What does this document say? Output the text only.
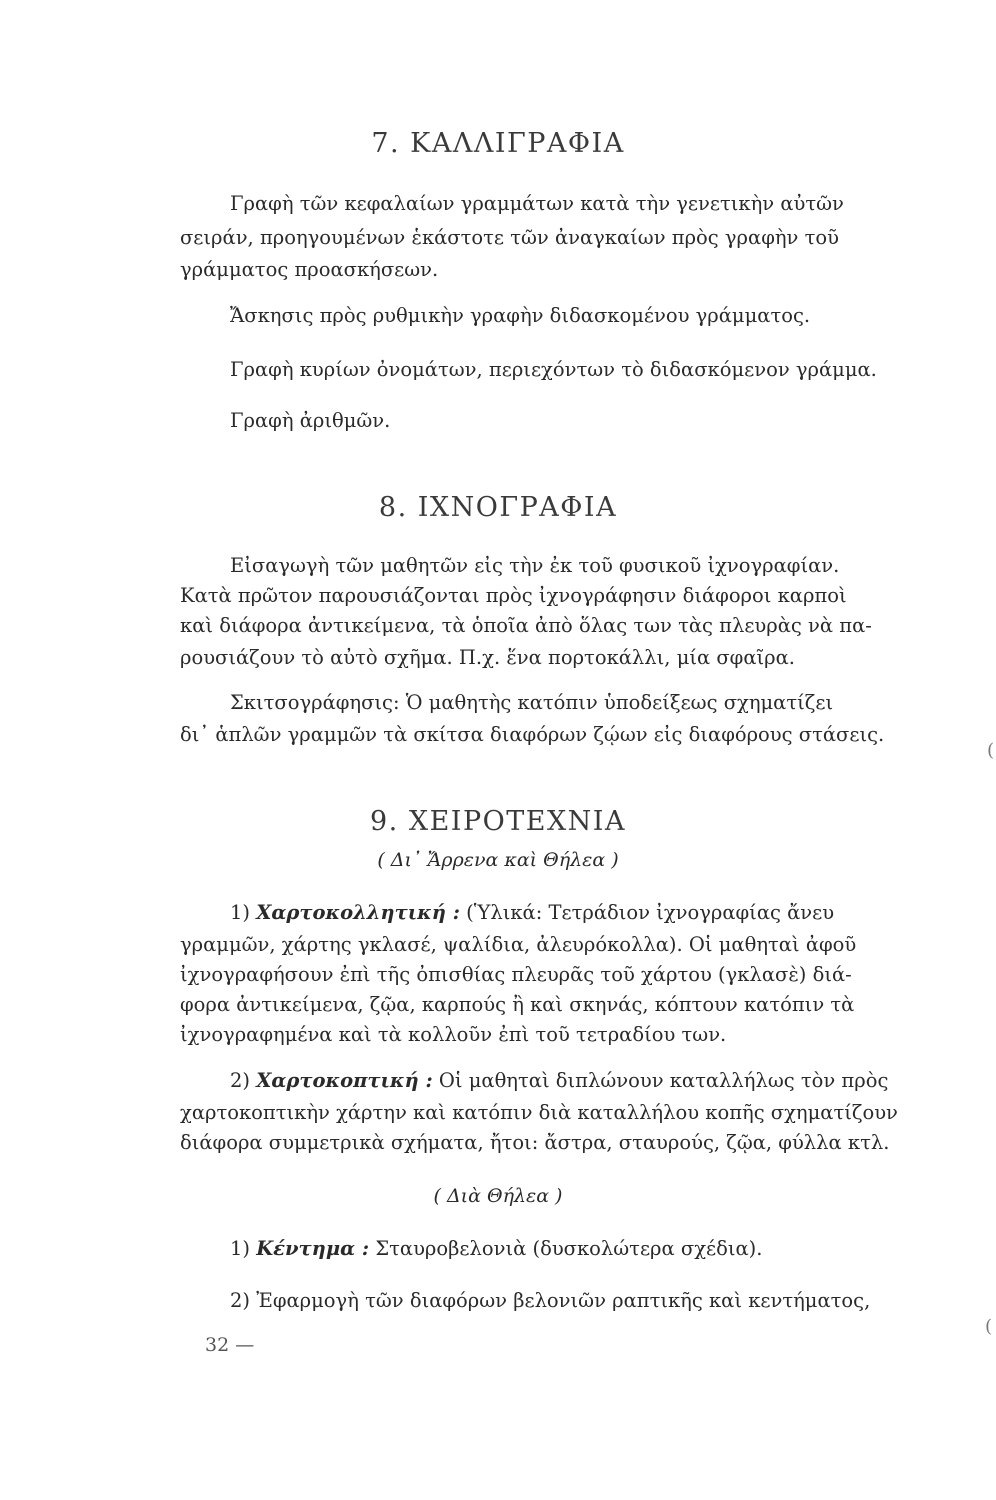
7. ΚΑΛΛΙΓΡΑΦΙΑ
Γραφὴ τῶν κεφαλαίων γραμμάτων κατὰ τὴν γενετικὴν αὐτῶν
σειράν, προηγουμένων ἑκάστοτε τῶν ἀναγκαίων πρὸς γραφὴν τοῦ
γράμματος προασκήσεων.
Ἄσκησις πρὸς ρυθμικὴν γραφὴν διδασκομένου γράμματος.
Γραφὴ κυρίων ὀνομάτων, περιεχόντων τὸ διδασκόμενον γράμμα.
Γραφὴ ἀριθμῶν.
8. ΙΧΝΟΓΡΑΦΙΑ
Εἰσαγωγὴ τῶν μαθητῶν εἰς τὴν ἐκ τοῦ φυσικοῦ ἰχνογραφίαν.
Κατὰ πρῶτον παρουσιάζονται πρὸς ἰχνογράφησιν διάφοροι καρποὶ
καὶ διάφορα ἀντικείμενα, τὰ ὁποῖα ἀπὸ ὅλας των τὰς πλευρὰς νὰ πα-
ρουσιάζουν τὸ αὐτὸ σχῆμα. Π.χ. ἕνα πορτοκάλλι, μία σφαῖρα.
Σκιτσογράφησις: Ὁ μαθητὴς κατόπιν ὑποδείξεως σχηματίζει
δι᾿ ἁπλῶν γραμμῶν τὰ σκίτσα διαφόρων ζῴων εἰς διαφόρους στάσεις.
9. ΧΕΙΡΟΤΕΧΝΙΑ
( Δι᾿ Ἄρρενα καὶ Θήλεα )
1) Χαρτοκολλητική : (Ὑλικά: Τετράδιον ἰχνογραφίας ἄνευ
γραμμῶν, χάρτης γκλασέ, ψαλίδια, ἀλευρόκολλα). Οἱ μαθηταὶ ἀφοῦ
ἰχνογραφήσουν ἐπὶ τῆς ὀπισθίας πλευρᾶς τοῦ χάρτου (γκλασὲ) διά-
φορα ἀντικείμενα, ζῷα, καρπούς ἢ καὶ σκηνάς, κόπτουν κατόπιν τὰ
ἰχνογραφημένα καὶ τὰ κολλοῦν ἐπὶ τοῦ τετραδίου των.
2) Χαρτοκοπτική : Οἱ μαθηταὶ διπλώνουν καταλλήλως τὸν πρὸς
χαρτοκοπτικὴν χάρτην καὶ κατόπιν διὰ καταλλήλου κοπῆς σχηματίζουν
διάφορα συμμετρικὰ σχήματα, ἤτοι: ἄστρα, σταυρούς, ζῷα, φύλλα κτλ.
( Διὰ Θήλεα )
1) Κέντημα : Σταυροβελονιὰ (δυσκολώτερα σχέδια).
2) Ἐφαρμογὴ τῶν διαφόρων βελονιῶν ραπτικῆς καὶ κεντήματος,
32 —
(
(
